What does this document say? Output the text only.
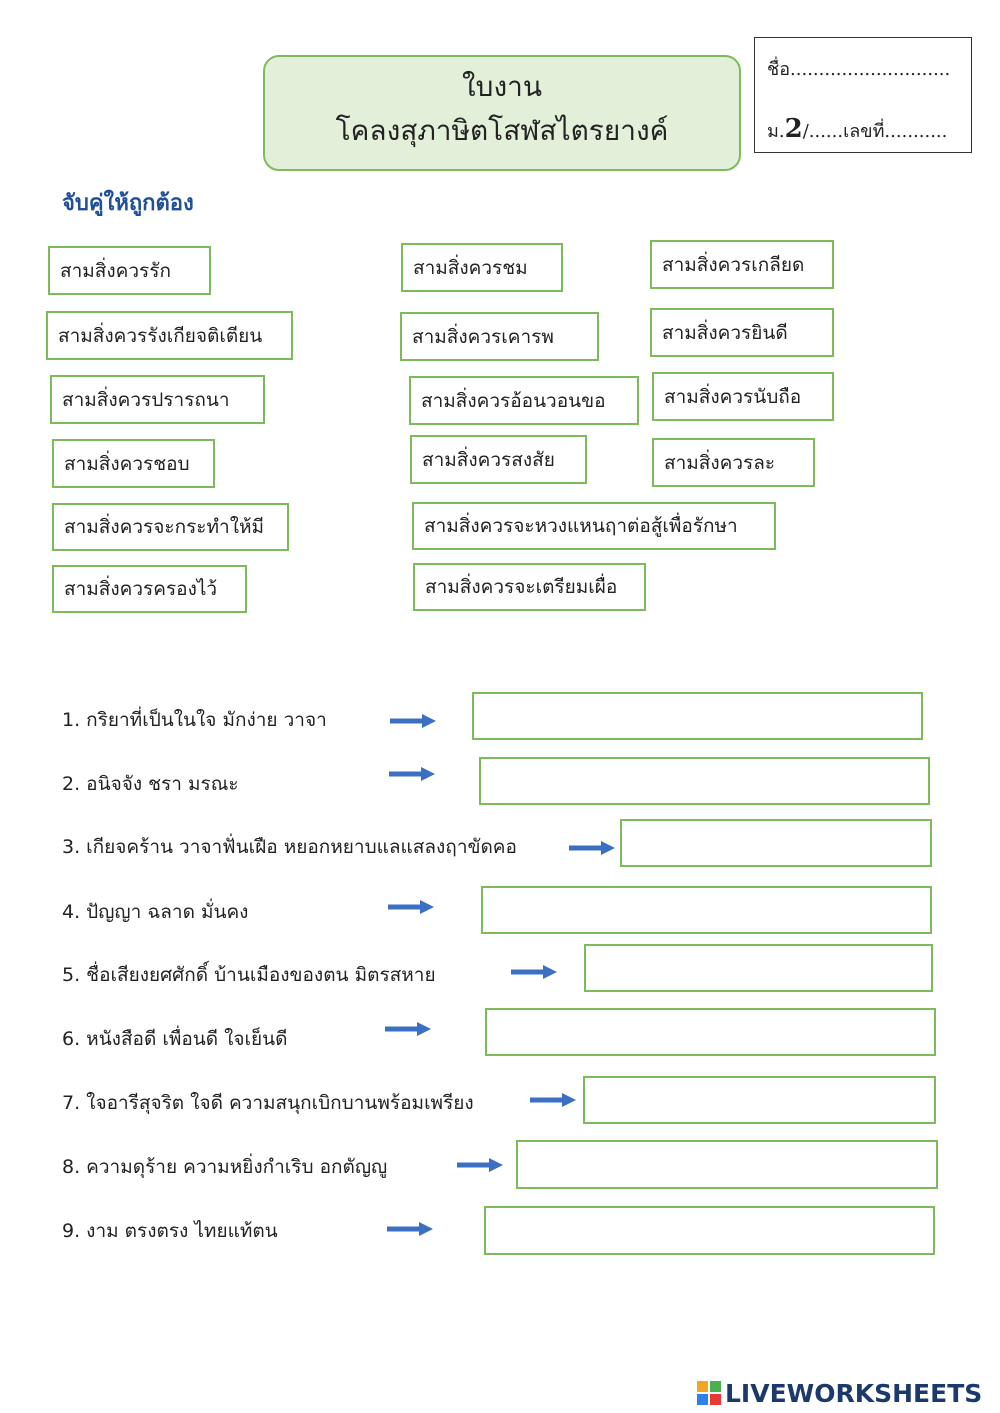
ใบงาน
โคลงสุภาษิตโสฬสไตรยางค์
ชื่อ............................
ม.2/......เลขที่...........
จับคู่ให้ถูกต้อง
สามสิ่งควรรัก	สามสิ่งควรชม	สามสิ่งควรเกลียด
สามสิ่งควรรังเกียจติเตียน	สามสิ่งควรเคารพ	สามสิ่งควรยินดี
สามสิ่งควรปรารถนา	สามสิ่งควรอ้อนวอนขอ	สามสิ่งควรนับถือ
สามสิ่งควรชอบ	สามสิ่งควรสงสัย	สามสิ่งควรละ
สามสิ่งควรจะกระทำให้มี	สามสิ่งควรจะหวงแหนฤาต่อสู้เพื่อรักษา
สามสิ่งควรครองไว้	สามสิ่งควรจะเตรียมเผื่อ
1. กริยาที่เป็นในใจ มักง่าย วาจา
2. อนิจจัง ชรา มรณะ
3. เกียจคร้าน วาจาฟั่นเฝือ หยอกหยาบแลแสลงฤาขัดคอ
4. ปัญญา ฉลาด มั่นคง
5. ชื่อเสียงยศศักดิ์ บ้านเมืองของตน มิตรสหาย
6. หนังสือดี เพื่อนดี ใจเย็นดี
7. ใจอารีสุจริต ใจดี ความสนุกเบิกบานพร้อมเพรียง
8. ความดุร้าย ความหยิ่งกำเริบ อกตัญญู
9. งาม ตรงตรง ไทยแท้ตน
LIVEWORKSHEETS
